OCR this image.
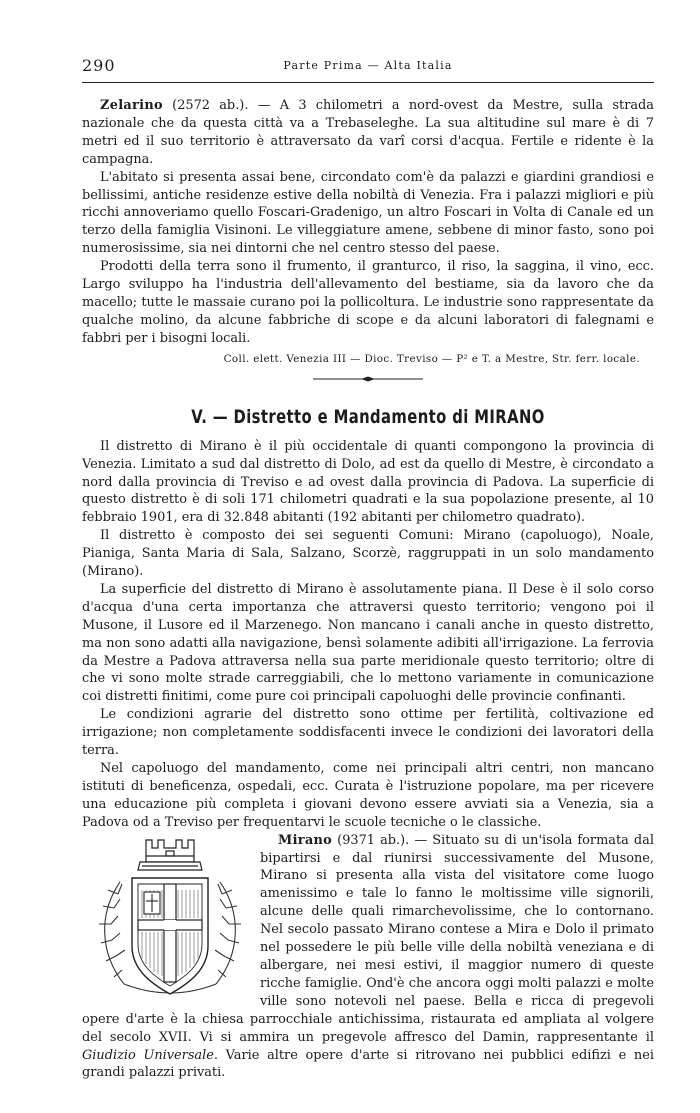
290	Parte Prima — Alta Italia

Zelarino (2572 ab.). — A 3 chilometri a nord-ovest da Mestre, sulla strada nazionale che da questa città va a Trebaseleghe. La sua altitudine sul mare è di 7 metri ed il suo territorio è attraversato da varî corsi d'acqua. Fertile e ridente è la campagna.

L'abitato si presenta assai bene, circondato com'è da palazzi e giardini grandiosi e bellissimi, antiche residenze estive della nobiltà di Venezia. Fra i palazzi migliori e più ricchi annoveriamo quello Foscari-Gradenigo, un altro Foscari in Volta di Canale ed un terzo della famiglia Visinoni. Le villeggiature amene, sebbene di minor fasto, sono poi numerosissime, sia nei dintorni che nel centro stesso del paese.

Prodotti della terra sono il frumento, il granturco, il riso, la saggina, il vino, ecc. Largo sviluppo ha l'industria dell'allevamento del bestiame, sia da lavoro che da macello; tutte le massaie curano poi la pollicoltura. Le industrie sono rappresentate da qualche molino, da alcune fabbriche di scope e da alcuni laboratori di falegnami e fabbri per i bisogni locali.

Coll. elett. Venezia III — Dioc. Treviso — P² e T. a Mestre, Str. ferr. locale.
V. — Distretto e Mandamento di MIRANO

Il distretto di Mirano è il più occidentale di quanti compongono la provincia di Venezia. Limitato a sud dal distretto di Dolo, ad est da quello di Mestre, è circondato a nord dalla provincia di Treviso e ad ovest dalla provincia di Padova. La superficie di questo distretto è di soli 171 chilometri quadrati e la sua popolazione presente, al 10 febbraio 1901, era di 32.848 abitanti (192 abitanti per chilometro quadrato).

Il distretto è composto dei sei seguenti Comuni: Mirano (capoluogo), Noale, Pianiga, Santa Maria di Sala, Salzano, Scorzè, raggruppati in un solo mandamento (Mirano).

La superficie del distretto di Mirano è assolutamente piana. Il Dese è il solo corso d'acqua d'una certa importanza che attraversi questo territorio; vengono poi il Musone, il Lusore ed il Marzenego. Non mancano i canali anche in questo distretto, ma non sono adatti alla navigazione, bensì solamente adibiti all'irrigazione. La ferrovia da Mestre a Padova attraversa nella sua parte meridionale questo territorio; oltre di che vi sono molte strade carreggiabili, che lo mettono variamente in comunicazione coi distretti finitimi, come pure coi principali capoluoghi delle provincie confinanti.

Le condizioni agrarie del distretto sono ottime per fertilità, coltivazione ed irrigazione; non completamente soddisfacenti invece le condizioni dei lavoratori della terra.

Nel capoluogo del mandamento, come nei principali altri centri, non mancano istituti di beneficenza, ospedali, ecc. Curata è l'istruzione popolare, ma per ricevere una educazione più completa i giovani devono essere avviati sia a Venezia, sia a Padova od a Treviso per frequentarvi le scuole tecniche o le classiche.

Mirano (9371 ab.). — Situato su di un'isola formata dal bipartirsi e dal riunirsi successivamente del Musone, Mirano si presenta alla vista del visitatore come luogo amenissimo e tale lo fanno le moltissime ville signorili, alcune delle quali rimarchevolissime, che lo contornano. Nel secolo passato Mirano contese a Mira e Dolo il primato nel possedere le più belle ville della nobiltà veneziana e di albergare, nei mesi estivi, il maggior numero di queste ricche famiglie. Ond'è che ancora oggi molti palazzi e molte ville sono notevoli nel paese. Bella e ricca di pregevoli opere d'arte è la chiesa parrocchiale antichissima, ristaurata ed ampliata al volgere del secolo XVII. Vi si ammira un pregevole affresco del Damin, rappresentante il Giudizio Universale. Varie altre opere d'arte si ritrovano nei pubblici edifizi e nei grandi palazzi privati.
